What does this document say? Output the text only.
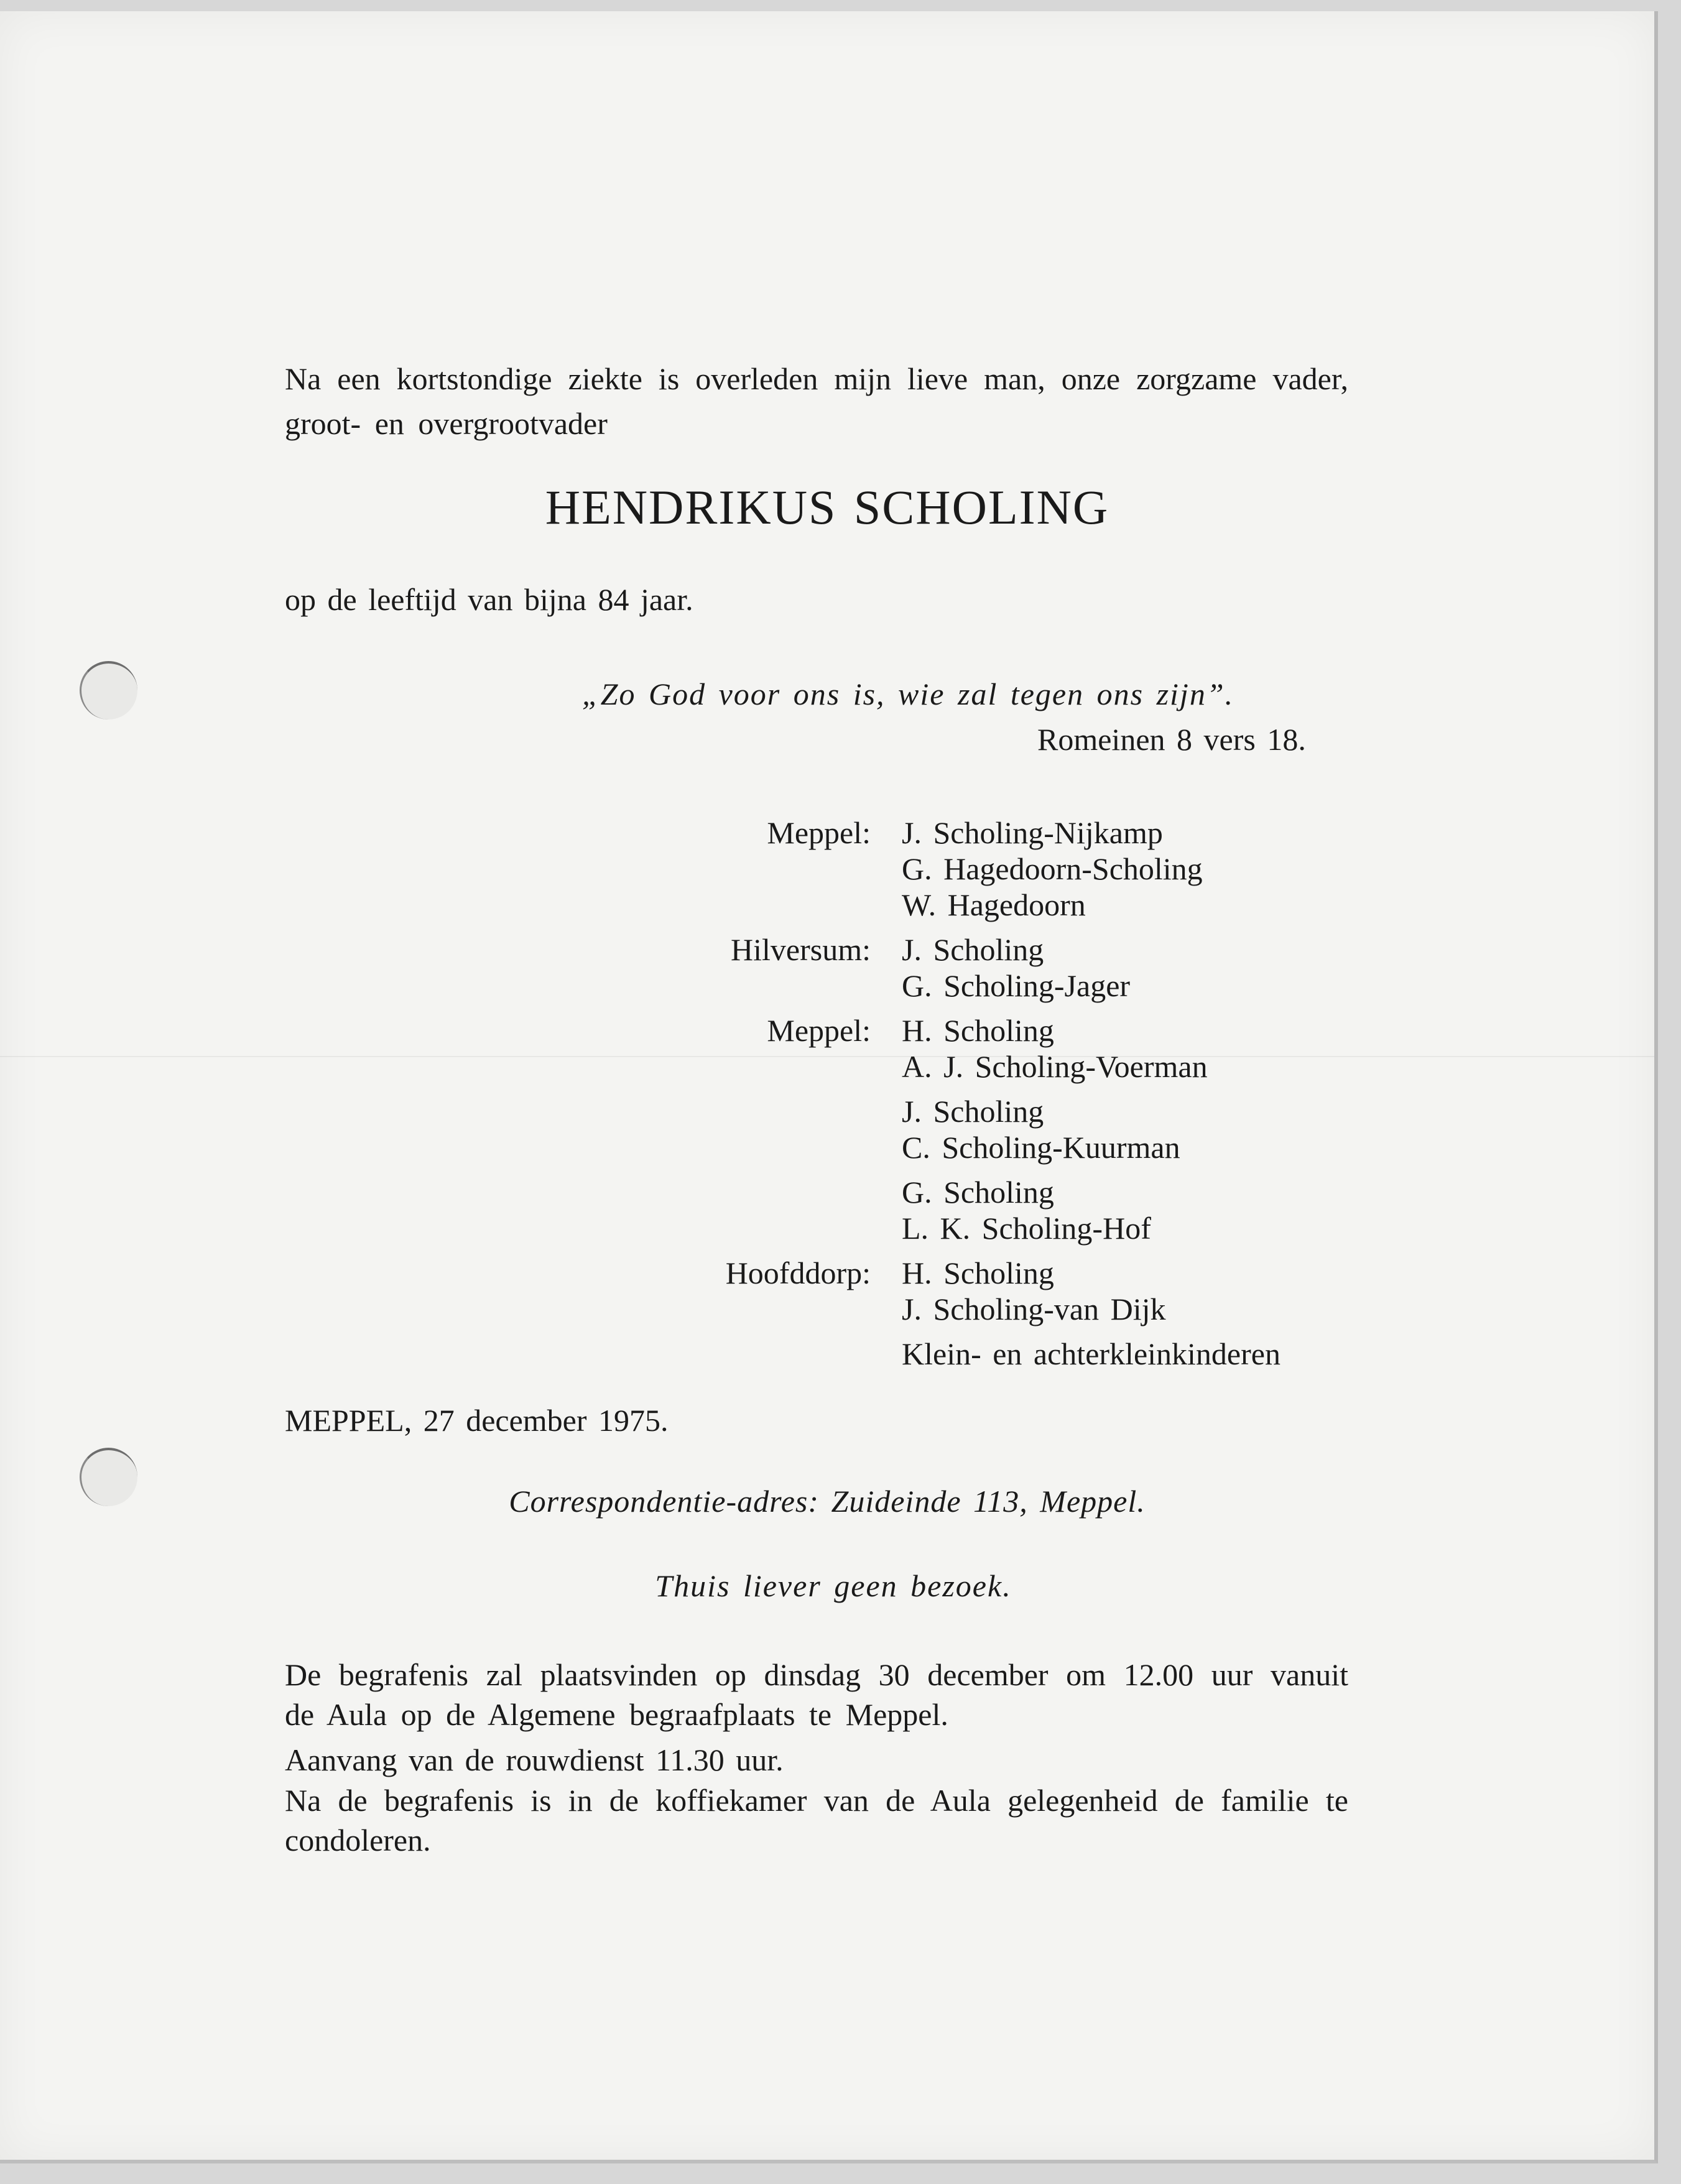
Na een kortstondige ziekte is overleden mijn lieve man, onze zorgzame vader, groot- en overgrootvader
HENDRIKUS SCHOLING
op de leeftijd van bijna 84 jaar.
„Zo God voor ons is, wie zal tegen ons zijn”.
Romeinen 8 vers 18.
Meppel: J. Scholing-Nijkamp
G. Hagedoorn-Scholing
W. Hagedoorn
Hilversum: J. Scholing
G. Scholing-Jager
Meppel: H. Scholing
A. J. Scholing-Voerman
J. Scholing
C. Scholing-Kuurman
G. Scholing
L. K. Scholing-Hof
Hoofddorp: H. Scholing
J. Scholing-van Dijk
Klein- en achterkleinkinderen
MEPPEL, 27 december 1975.
Correspondentie-adres: Zuideinde 113, Meppel.
Thuis liever geen bezoek.
De begrafenis zal plaatsvinden op dinsdag 30 december om 12.00 uur vanuit de Aula op de Algemene begraafplaats te Meppel.
Aanvang van de rouwdienst 11.30 uur.
Na de begrafenis is in de koffiekamer van de Aula gelegenheid de familie te condoleren.
